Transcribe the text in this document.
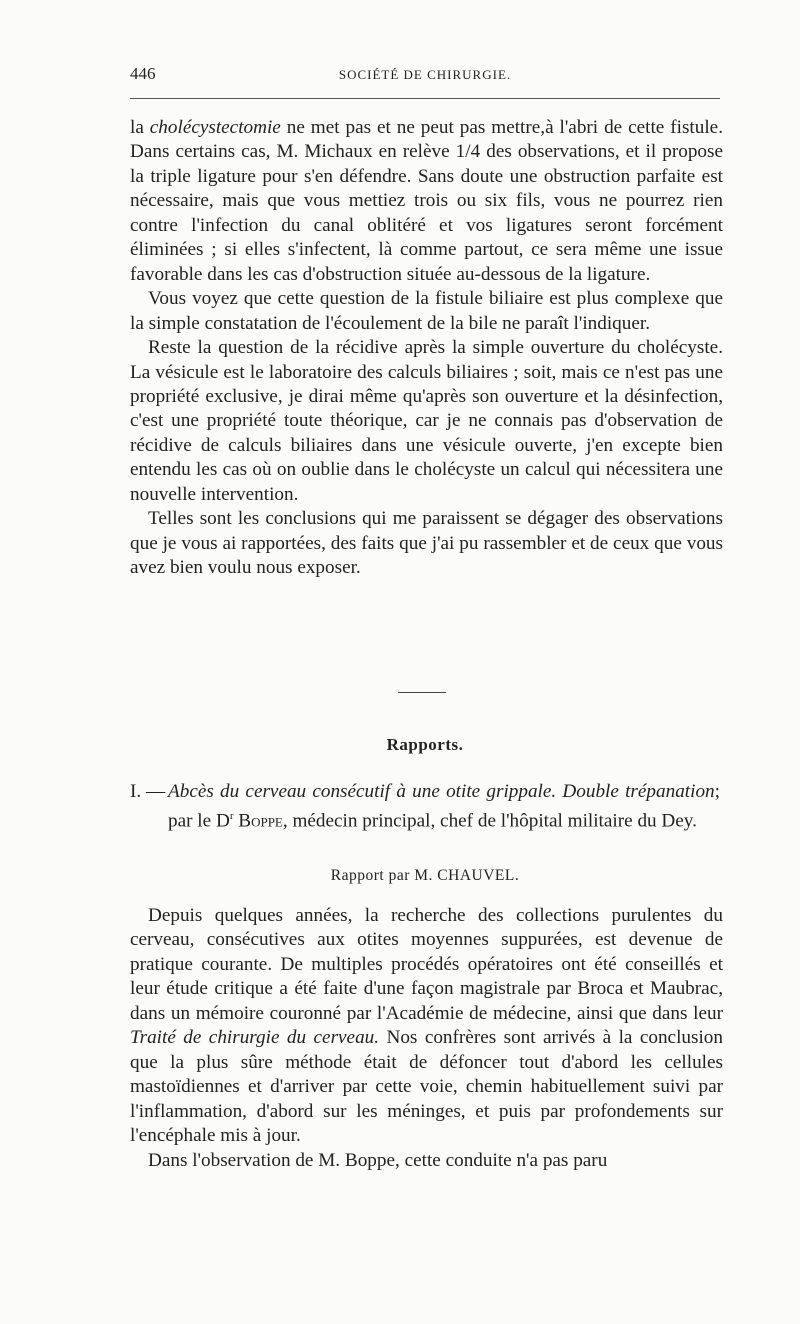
446	SOCIÉTÉ DE CHIRURGIE.

la cholécystectomie ne met pas et ne peut pas mettre,à l'abri de cette fistule. Dans certains cas, M. Michaux en relève 1/4 des observations, et il propose la triple ligature pour s'en défendre. Sans doute une obstruction parfaite est nécessaire, mais que vous mettiez trois ou six fils, vous ne pourrez rien contre l'infection du canal oblitéré et vos ligatures seront forcément éliminées ; si elles s'infectent, là comme partout, ce sera même une issue favorable dans les cas d'obstruction située au-dessous de la ligature.

Vous voyez que cette question de la fistule biliaire est plus complexe que la simple constatation de l'écoulement de la bile ne paraît l'indiquer.

Reste la question de la récidive après la simple ouverture du cholécyste. La vésicule est le laboratoire des calculs biliaires ; soit, mais ce n'est pas une propriété exclusive, je dirai même qu'après son ouverture et la désinfection, c'est une propriété toute théorique, car je ne connais pas d'observation de récidive de calculs biliaires dans une vésicule ouverte, j'en excepte bien entendu les cas où on oublie dans le cholécyste un calcul qui nécessitera une nouvelle intervention.

Telles sont les conclusions qui me paraissent se dégager des observations que je vous ai rapportées, des faits que j'ai pu rassembler et de ceux que vous avez bien voulu nous exposer.

Rapports.
I. — Abcès du cerveau consécutif à une otite grippale. Double trépanation; par le $D^r$ Boppe, médecin principal, chef de l'hôpital militaire du Dey.
Rapport par M. CHAUVEL.

Depuis quelques années, la recherche des collections purulentes du cerveau, consécutives aux otites moyennes suppurées, est devenue de pratique courante. De multiples procédés opératoires ont été conseillés et leur étude critique a été faite d'une façon magistrale par Broca et Maubrac, dans un mémoire couronné par l'Académie de médecine, ainsi que dans leur Traité de chirurgie du cerveau. Nos confrères sont arrivés à la conclusion que la plus sûre méthode était de défoncer tout d'abord les cellules mastoïdiennes et d'arriver par cette voie, chemin habituellement suivi par l'inflammation, d'abord sur les méninges, et puis par profondements sur l'encéphale mis à jour.

Dans l'observation de M. Boppe, cette conduite n'a pas paru
